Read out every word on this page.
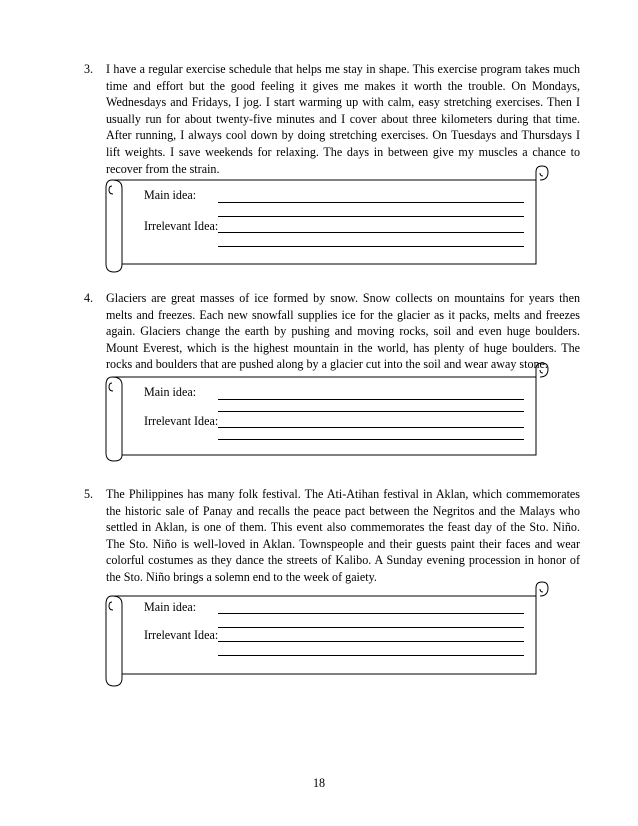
3. I have a regular exercise schedule that helps me stay in shape. This exercise program takes much time and effort but the good feeling it gives me makes it worth the trouble. On Mondays, Wednesdays and Fridays, I jog. I start warming up with calm, easy stretching exercises. Then I usually run for about twenty-five minutes and I cover about three kilometers during that time. After running, I always cool down by doing stretching exercises. On Tuesdays and Thursdays I lift weights. I save weekends for relaxing. The days in between give my muscles a chance to recover from the strain.
Main idea:
Irrelevant Idea:
4. Glaciers are great masses of ice formed by snow. Snow collects on mountains for years then melts and freezes. Each new snowfall supplies ice for the glacier as it packs, melts and freezes again. Glaciers change the earth by pushing and moving rocks, soil and even huge boulders. Mount Everest, which is the highest mountain in the world, has plenty of huge boulders. The rocks and boulders that are pushed along by a glacier cut into the soil and wear away stone.
Main idea:
Irrelevant Idea:
5. The Philippines has many folk festival. The Ati-Atihan festival in Aklan, which commemorates the historic sale of Panay and recalls the peace pact between the Negritos and the Malays who settled in Aklan, is one of them. This event also commemorates the feast day of the Sto. Niño. The Sto. Niño is well-loved in Aklan. Townspeople and their guests paint their faces and wear colorful costumes as they dance the streets of Kalibo. A Sunday evening procession in honor of the Sto. Niño brings a solemn end to the week of gaiety.
Main idea:
Irrelevant Idea:
18
